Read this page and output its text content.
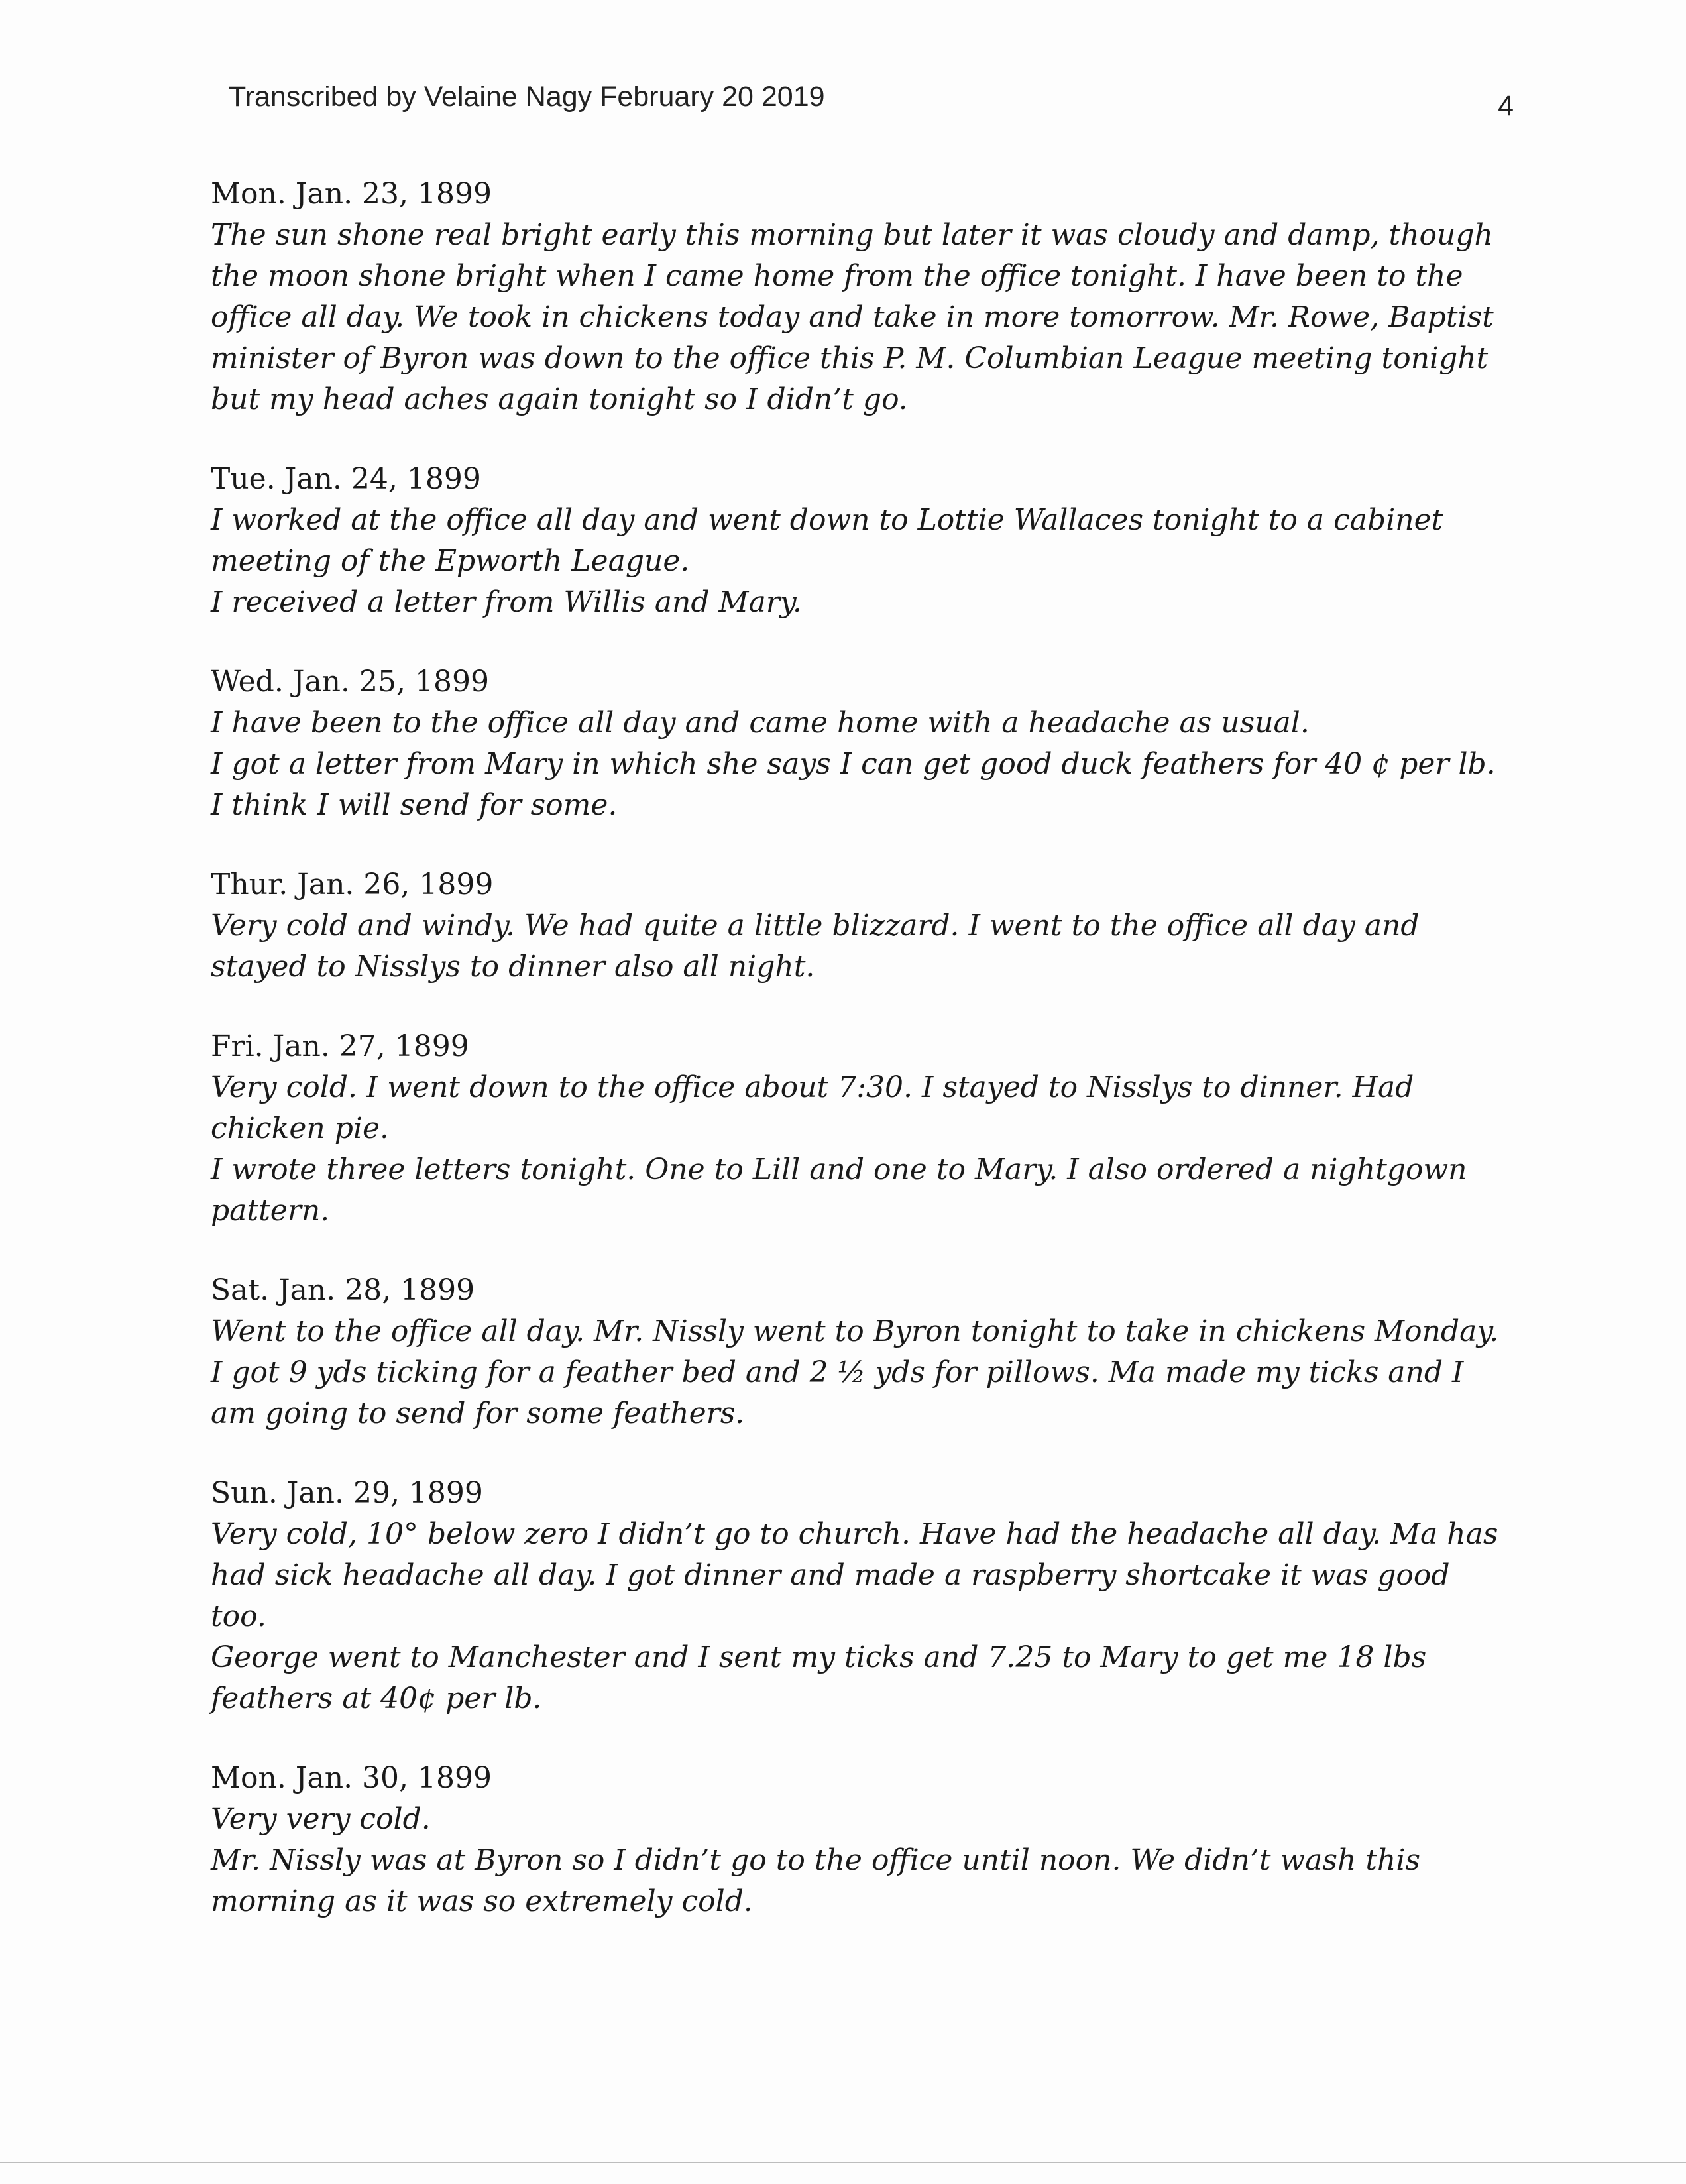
Transcribed by Velaine Nagy February 20 2019	4
Mon. Jan. 23, 1899
The sun shone real bright early this morning but later it was cloudy and damp, though the moon shone bright when I came home from the office tonight. I have been to the office all day. We took in chickens today and take in more tomorrow. Mr. Rowe, Baptist minister of Byron was down to the office this P. M. Columbian League meeting tonight but my head aches again tonight so I didn’t go.
Tue. Jan. 24, 1899
I worked at the office all day and went down to Lottie Wallaces tonight to a cabinet meeting of the Epworth League.
I received a letter from Willis and Mary.
Wed. Jan. 25, 1899
I have been to the office all day and came home with a headache as usual.
I got a letter from Mary in which she says I can get good duck feathers for 40 ¢ per lb. I think I will send for some.
Thur. Jan. 26, 1899
Very cold and windy. We had quite a little blizzard. I went to the office all day and stayed to Nisslys to dinner also all night.
Fri. Jan. 27, 1899
Very cold. I went down to the office about 7:30. I stayed to Nisslys to dinner. Had chicken pie.
I wrote three letters tonight. One to Lill and one to Mary. I also ordered a nightgown pattern.
Sat. Jan. 28, 1899
Went to the office all day. Mr. Nissly went to Byron tonight to take in chickens Monday.
I got 9 yds ticking for a feather bed and 2 ½ yds for pillows. Ma made my ticks and I am going to send for some feathers.
Sun. Jan. 29, 1899
Very cold, 10° below zero I didn’t go to church. Have had the headache all day. Ma has had sick headache all day. I got dinner and made a raspberry shortcake it was good too.
George went to Manchester and I sent my ticks and 7.25 to Mary to get me 18 lbs feathers at 40¢ per lb.
Mon. Jan. 30, 1899
Very very cold.
Mr. Nissly was at Byron so I didn’t go to the office until noon. We didn’t wash this morning as it was so extremely cold.
